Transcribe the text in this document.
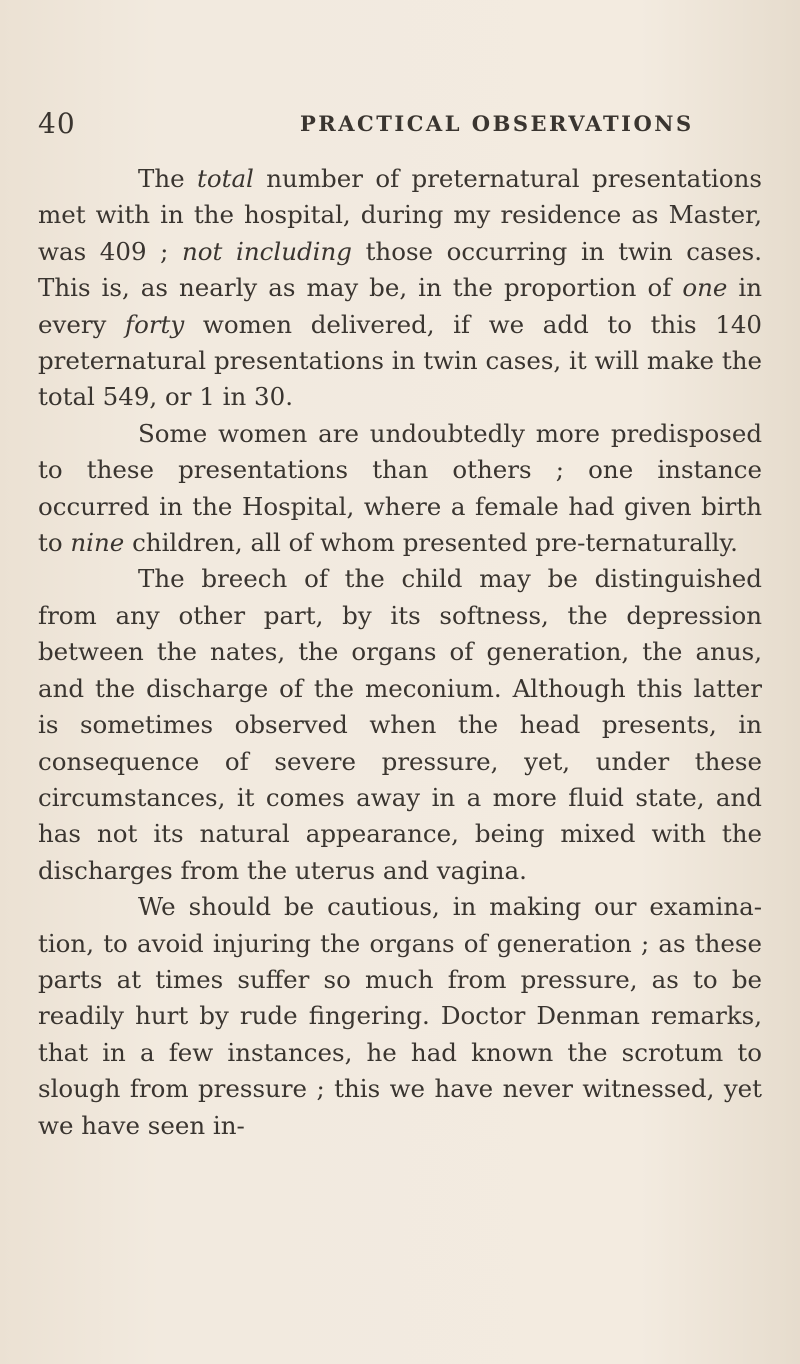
40	PRACTICAL OBSERVATIONS

The total number of preternatural presentations met with in the hospital, during my residence as Master, was 409 ; not including those occurring in twin cases. This is, as nearly as may be, in the proportion of one in every forty women delivered, if we add to this 140 preternatural presentations in twin cases, it will make the total 549, or 1 in 30.

Some women are undoubtedly more predisposed to these presentations than others ; one instance occurred in the Hospital, where a female had given birth to nine children, all of whom presented pre-ternaturally.

The breech of the child may be distinguished from any other part, by its softness, the depression between the nates, the organs of generation, the anus, and the discharge of the meconium. Although this latter is sometimes observed when the head presents, in consequence of severe pressure, yet, under these circumstances, it comes away in a more fluid state, and has not its natural appearance, being mixed with the discharges from the uterus and vagina.

We should be cautious, in making our examina-tion, to avoid injuring the organs of generation ; as these parts at times suffer so much from pressure, as to be readily hurt by rude fingering. Doctor Denman remarks, that in a few instances, he had known the scrotum to slough from pressure ; this we have never witnessed, yet we have seen in-
